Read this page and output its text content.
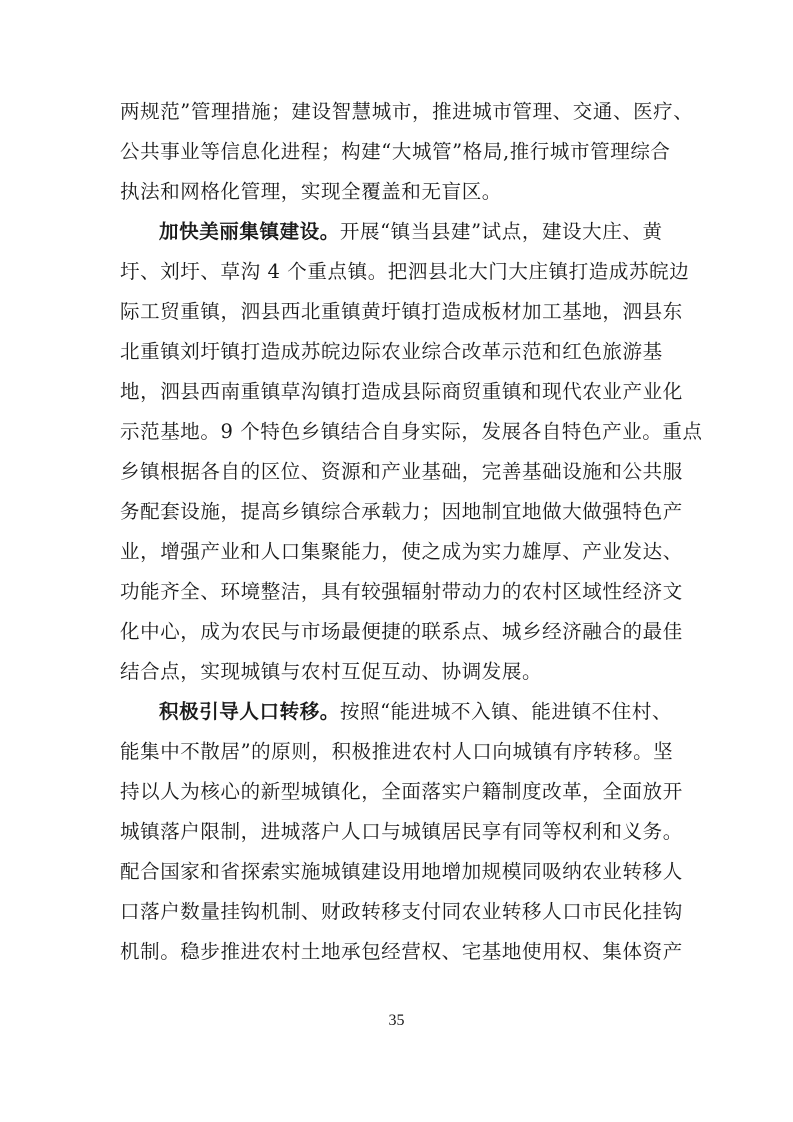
两规范”管理措施；建设智慧城市，推进城市管理、交通、医疗、
公共事业等信息化进程；构建“大城管”格局,推行城市管理综合
执法和网格化管理，实现全覆盖和无盲区。
加快美丽集镇建设。开展“镇当县建”试点，建设大庄、黄
圩、刘圩、草沟 4 个重点镇。把泗县北大门大庄镇打造成苏皖边
际工贸重镇，泗县西北重镇黄圩镇打造成板材加工基地，泗县东
北重镇刘圩镇打造成苏皖边际农业综合改革示范和红色旅游基
地，泗县西南重镇草沟镇打造成县际商贸重镇和现代农业产业化
示范基地。9 个特色乡镇结合自身实际，发展各自特色产业。重点
乡镇根据各自的区位、资源和产业基础，完善基础设施和公共服
务配套设施，提高乡镇综合承载力；因地制宜地做大做强特色产
业，增强产业和人口集聚能力，使之成为实力雄厚、产业发达、
功能齐全、环境整洁，具有较强辐射带动力的农村区域性经济文
化中心，成为农民与市场最便捷的联系点、城乡经济融合的最佳
结合点，实现城镇与农村互促互动、协调发展。
积极引导人口转移。按照“能进城不入镇、能进镇不住村、
能集中不散居”的原则，积极推进农村人口向城镇有序转移。坚
持以人为核心的新型城镇化，全面落实户籍制度改革，全面放开
城镇落户限制，进城落户人口与城镇居民享有同等权利和义务。
配合国家和省探索实施城镇建设用地增加规模同吸纳农业转移人
口落户数量挂钩机制、财政转移支付同农业转移人口市民化挂钩
机制。稳步推进农村土地承包经营权、宅基地使用权、集体资产
35
